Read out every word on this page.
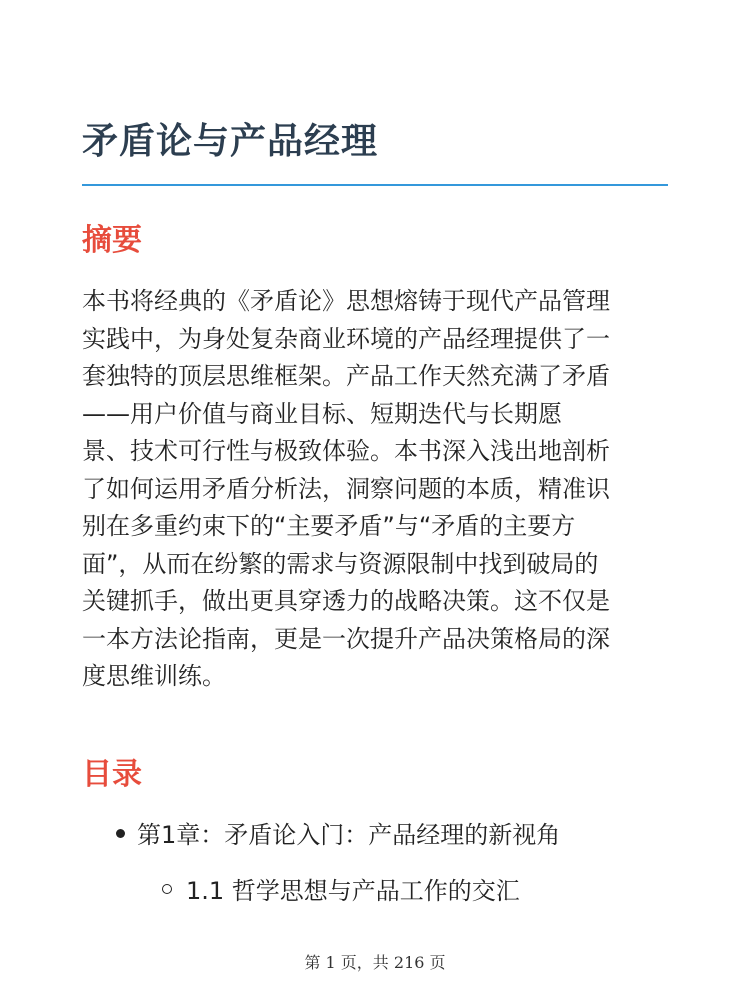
矛盾论与产品经理
摘要
本书将经典的《矛盾论》思想熔铸于现代产品管理
实践中，为身处复杂商业环境的产品经理提供了一
套独特的顶层思维框架。产品工作天然充满了矛盾
——用户价值与商业目标、短期迭代与长期愿
景、技术可行性与极致体验。本书深入浅出地剖析
了如何运用矛盾分析法，洞察问题的本质，精准识
别在多重约束下的“主要矛盾”与“矛盾的主要方
面”，从而在纷繁的需求与资源限制中找到破局的
关键抓手，做出更具穿透力的战略决策。这不仅是
一本方法论指南，更是一次提升产品决策格局的深
度思维训练。
目录
第1章：矛盾论入门：产品经理的新视角
1.1 哲学思想与产品工作的交汇
第 1 页，共 216 页
